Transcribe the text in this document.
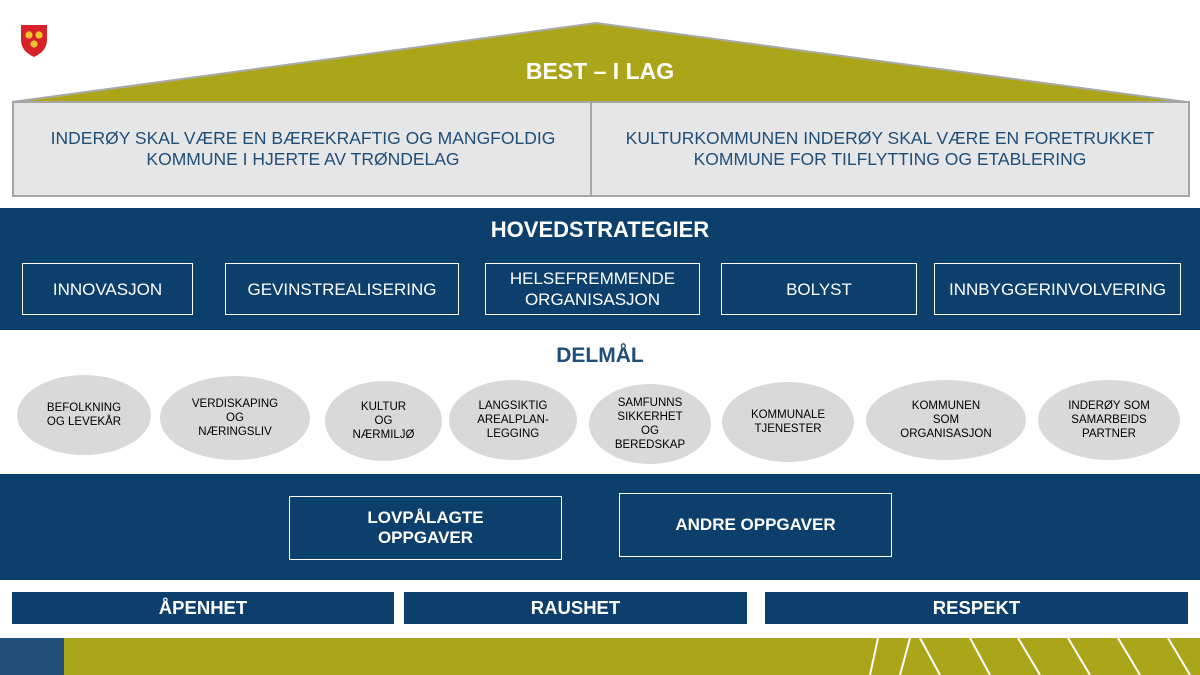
BEST – I LAG
INDERØY SKAL VÆRE EN BÆREKRAFTIG OG MANGFOLDIG
KOMMUNE I HJERTE AV TRØNDELAG
KULTURKOMMUNEN INDERØY SKAL VÆRE EN FORETRUKKET
KOMMUNE FOR TILFLYTTING OG ETABLERING
HOVEDSTRATEGIER
INNOVASJON	GEVINSTREALISERING
HELSEFREMMENDE
ORGANISASJON
BOLYST	INNBYGGERINVOLVERING
DELMÅL
BEFOLKNING
OG LEVEKÅR
VERDISKAPING
OG
NÆRINGSLIV
KULTUR
OG
NÆRMILJØ
LANGSIKTIG
AREALPLAN-
LEGGING
SAMFUNNS
SIKKERHET
OG
BEREDSKAP
KOMMUNALE
TJENESTER
KOMMUNEN
SOM
ORGANISASJON
INDERØY SOM
SAMARBEIDS
PARTNER
LOVPÅLAGTE
OPPGAVER
ANDRE OPPGAVER
ÅPENHET	RAUSHET	RESPEKT
